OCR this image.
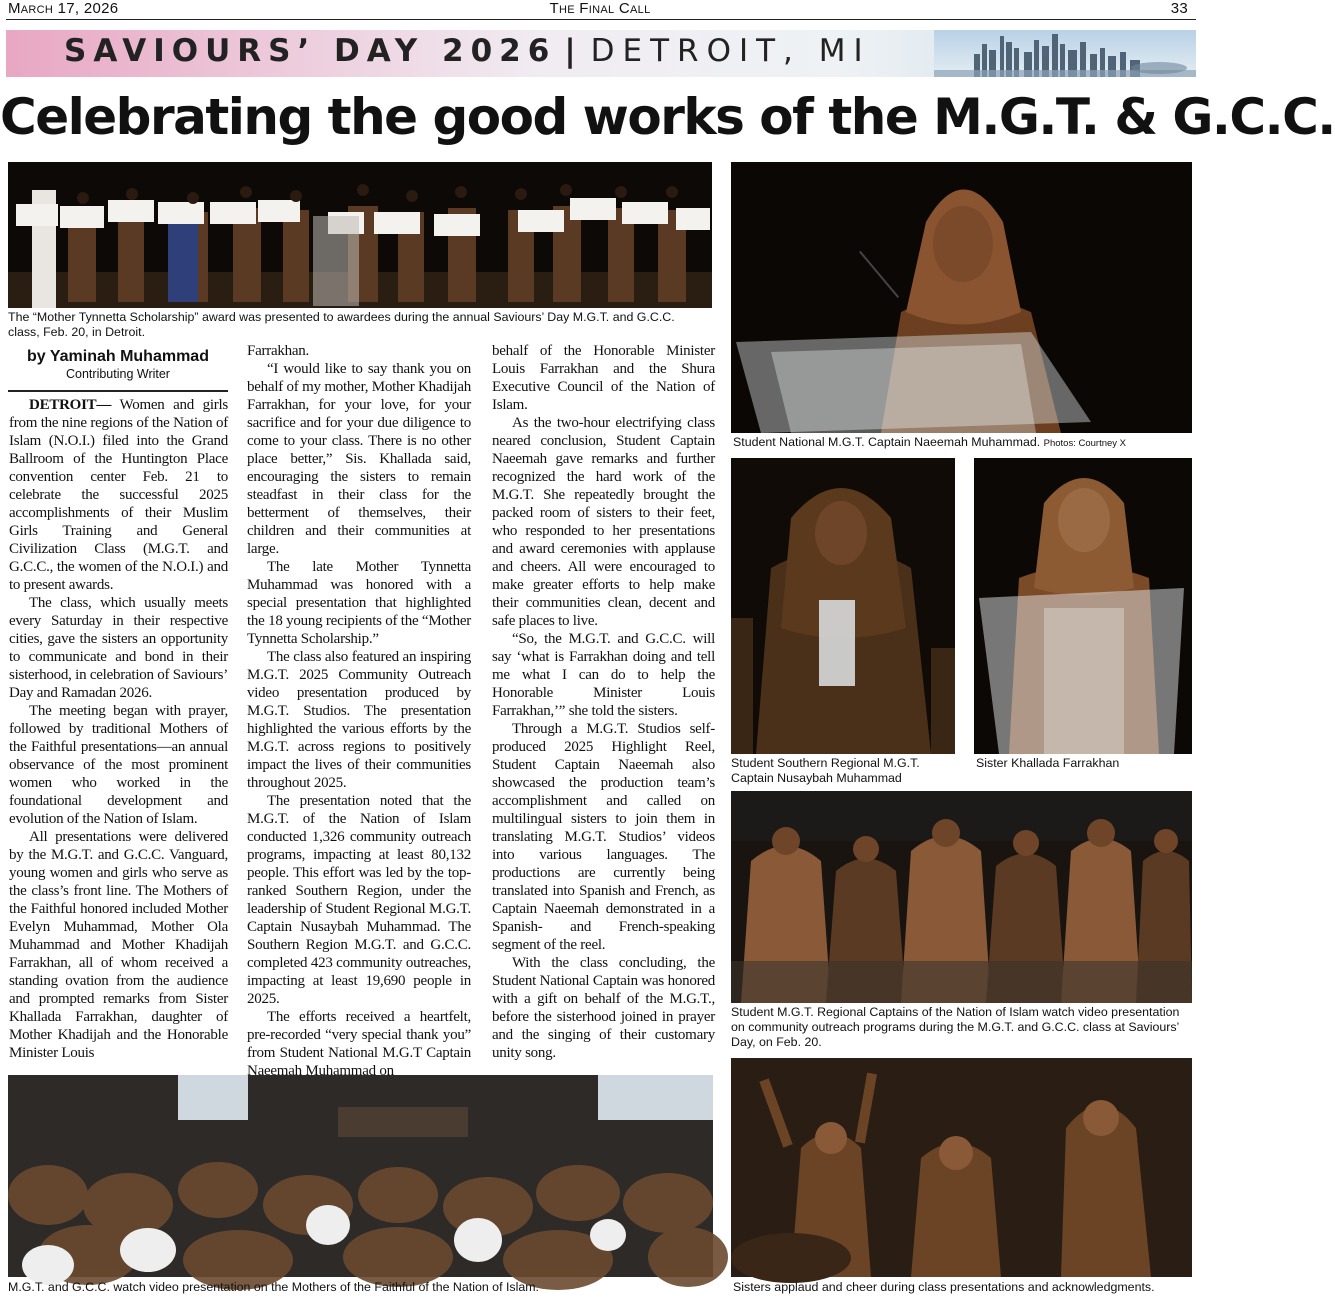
The Final Call
March 17, 2026	33
SAVIOURS’ DAY 2026 | DETROIT, MI
Celebrating the good works of the M.G.T. & G.C.C.
The “Mother Tynnetta Scholarship” award was presented to awardees during the annual Saviours’ Day M.G.T. and G.C.C. class, Feb. 20, in Detroit.
Student National M.G.T. Captain Naeemah Muhammad. Photos: Courtney X
Student Southern Regional M.G.T. Captain Nusaybah Muhammad
Sister Khallada Farrakhan
Student M.G.T. Regional Captains of the Nation of Islam watch video presentation on community outreach programs during the M.G.T. and G.C.C. class at Saviours’ Day, on Feb. 20.
M.G.T. and G.C.C. watch video presentation on the Mothers of the Faithful of the Nation of Islam.	Sisters applaud and cheer during class presentations and acknowledgments.
by Yaminah Muhammad
Contributing Writer

DETROIT— Women and girls from the nine regions of the Nation of Islam (N.O.I.) filed into the Grand Ballroom of the Huntington Place convention center Feb. 21 to celebrate the successful 2025 accomplishments of their Muslim Girls Training and General Civilization Class (M.G.T. and G.C.C., the women of the N.O.I.) and to present awards.

The class, which usually meets every Saturday in their respective cities, gave the sisters an opportunity to communicate and bond in their sisterhood, in celebration of Saviours’ Day and Ramadan 2026.

The meeting began with prayer, followed by traditional Mothers of the Faithful presentations—an annual observance of the most prominent women who worked in the foundational development and evolution of the Nation of Islam.

All presentations were delivered by the M.G.T. and G.C.C. Vanguard, young women and girls who serve as the class’s front line. The Mothers of the Faithful honored included Mother Evelyn Muhammad, Mother Ola Muhammad and Mother Khadijah Farrakhan, all of whom received a standing ovation from the audience and prompted remarks from Sister Khallada Farrakhan, daughter of Mother Khadijah and the Honorable Minister Louis

Farrakhan.

“I would like to say thank you on behalf of my mother, Mother Khadijah Farrakhan, for your love, for your sacrifice and for your due diligence to come to your class. There is no other place better,” Sis. Khallada said, encouraging the sisters to remain steadfast in their class for the betterment of themselves, their children and their communities at large.

The late Mother Tynnetta Muhammad was honored with a special presentation that highlighted the 18 young recipients of the “Mother Tynnetta Scholarship.”

The class also featured an inspiring M.G.T. 2025 Community Outreach video presentation produced by M.G.T. Studios. The presentation highlighted the various efforts by the M.G.T. across regions to positively impact the lives of their communities throughout 2025.

The presentation noted that the M.G.T. of the Nation of Islam conducted 1,326 community outreach programs, impacting at least 80,132 people. This effort was led by the top-ranked Southern Region, under the leadership of Student Regional M.G.T. Captain Nusaybah Muhammad. The Southern Region M.G.T. and G.C.C. completed 423 community outreaches, impacting at least 19,690 people in 2025.

The efforts received a heartfelt, pre-recorded “very special thank you” from Student National M.G.T Captain Naeemah Muhammad on

behalf of the Honorable Minister Louis Farrakhan and the Shura Executive Council of the Nation of Islam.

As the two-hour electrifying class neared conclusion, Student Captain Naeemah gave remarks and further recognized the hard work of the M.G.T. She repeatedly brought the packed room of sisters to their feet, who responded to her presentations and award ceremonies with applause and cheers. All were encouraged to make greater efforts to help make their communities clean, decent and safe places to live.

“So, the M.G.T. and G.C.C. will say ‘what is Farrakhan doing and tell me what I can do to help the Honorable Minister Louis Farrakhan,’” she told the sisters.

Through a M.G.T. Studios self-produced 2025 Highlight Reel, Student Captain Naeemah also showcased the production team’s accomplishment and called on multilingual sisters to join them in translating M.G.T. Studios’ videos into various languages. The productions are currently being translated into Spanish and French, as Captain Naeemah demonstrated in a Spanish- and French-speaking segment of the reel.

With the class concluding, the Student National Captain was honored with a gift on behalf of the M.G.T., before the sisterhood joined in prayer and the singing of their customary unity song.
